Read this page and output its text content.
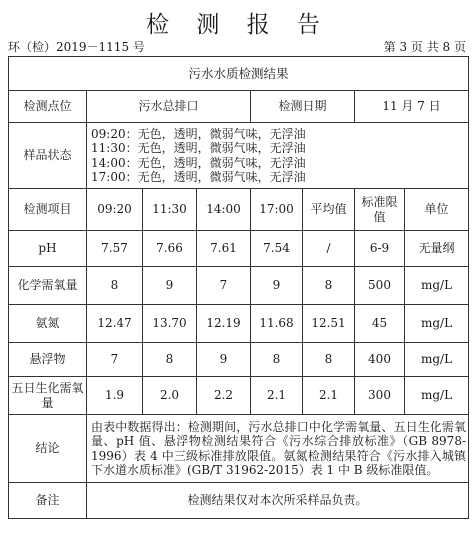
检 测 报 告
环（检）2019－1115 号	第 3 页 共 8 页
污水水质检测结果							
检测点位	污水总排口			检测日期		11 月 7 日	
样品状态	09:20：无色，透明，微弱气味，无浮油
11:30：无色，透明，微弱气味，无浮油
14:00：无色，透明，微弱气味，无浮油
17:00：无色，透明，微弱气味，无浮油						

检测项目	09:20	11:30	14:00	17:00	平均值	标准限值	单位
pH	7.57	7.66	7.61	7.54	/	6-9	无量纲
化学需氧量	8	9	7	9	8	500	mg/L
氨氮	12.47	13.70	12.19	11.68	12.51	45	mg/L
悬浮物	7	8	9	8	8	400	mg/L
五日生化需氧量	1.9	2.0	2.2	2.1	2.1	300	mg/L
结论	由表中数据得出：检测期间，污水总排口中化学需氧量、五日生化需氧量、pH 值、悬浮物检测结果符合《污水综合排放标准》（GB 8978-1996）表 4 中三级标准排放限值。氨氮检测结果符合《污水排入城镇下水道水质标准》(GB/T 31962-2015）表 1 中 B 级标准限值。						
备注	检测结果仅对本次所采样品负责。						
